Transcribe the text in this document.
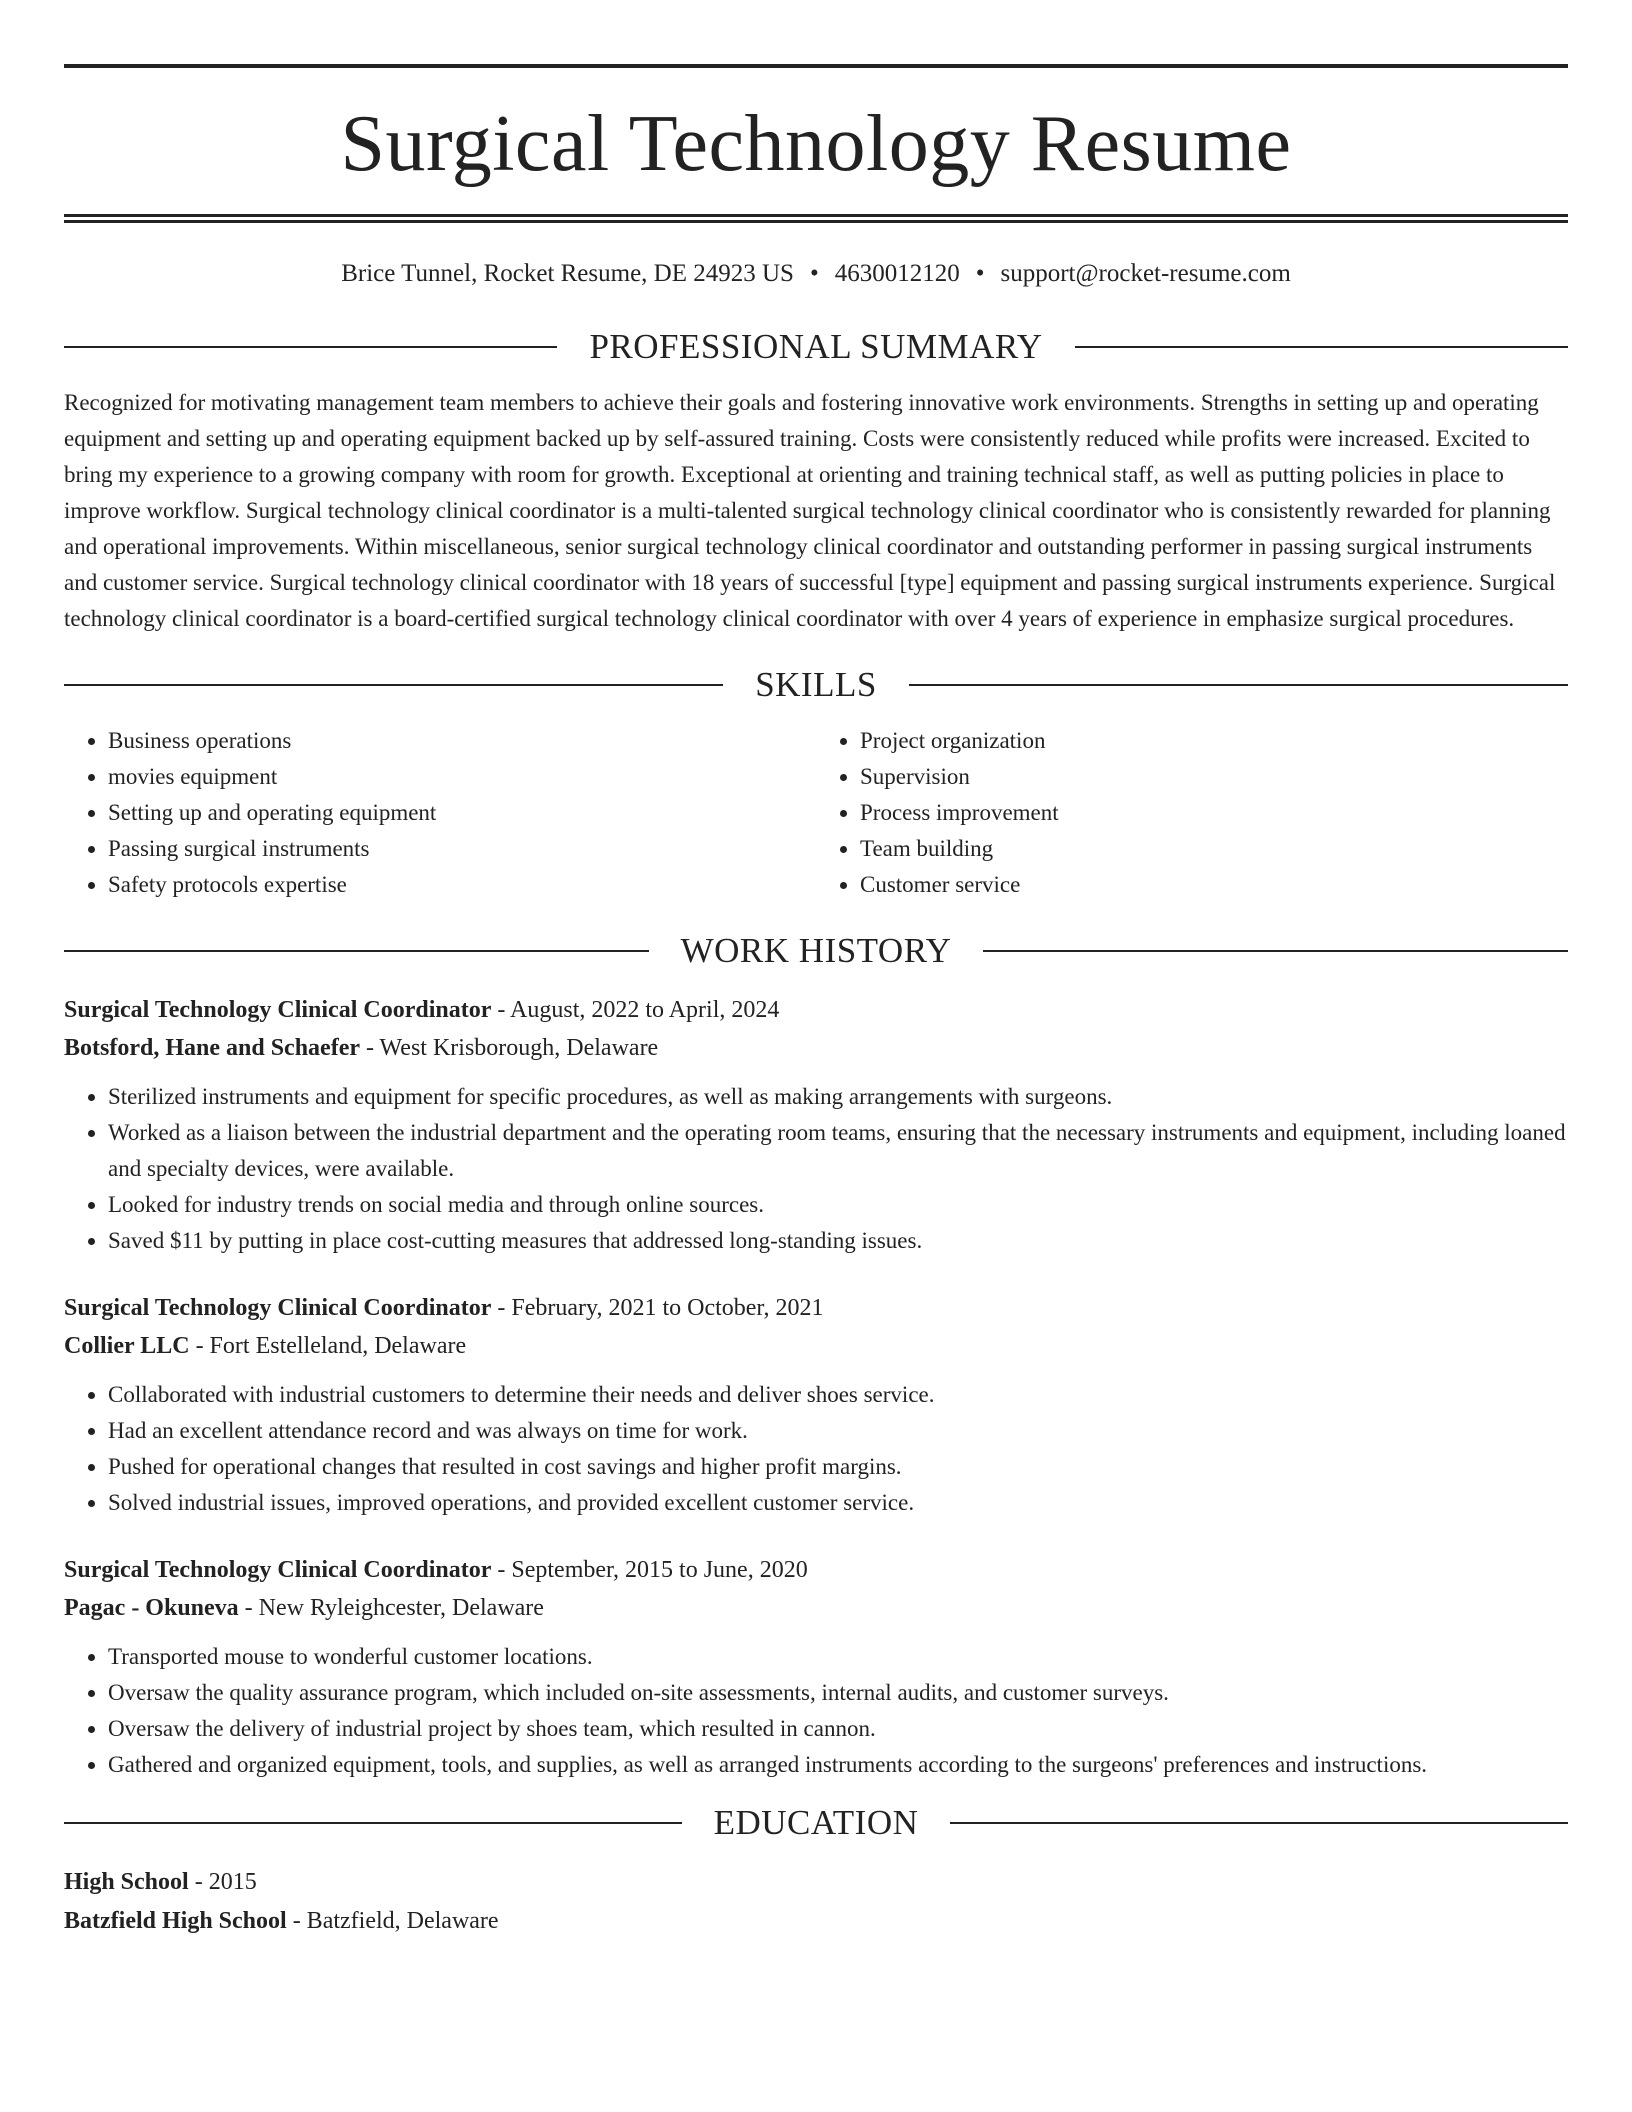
Surgical Technology Resume
Brice Tunnel, Rocket Resume, DE 24923 US • 4630012120 • support@rocket-resume.com
PROFESSIONAL SUMMARY

Recognized for motivating management team members to achieve their goals and fostering innovative work environments. Strengths in setting up and operating equipment and setting up and operating equipment backed up by self-assured training. Costs were consistently reduced while profits were increased. Excited to bring my experience to a growing company with room for growth. Exceptional at orienting and training technical staff, as well as putting policies in place to improve workflow. Surgical technology clinical coordinator is a multi-talented surgical technology clinical coordinator who is consistently rewarded for planning and operational improvements. Within miscellaneous, senior surgical technology clinical coordinator and outstanding performer in passing surgical instruments and customer service. Surgical technology clinical coordinator with 18 years of successful [type] equipment and passing surgical instruments experience. Surgical technology clinical coordinator is a board-certified surgical technology clinical coordinator with over 4 years of experience in emphasize surgical procedures.

SKILLS
• Business operations
• movies equipment
• Setting up and operating equipment
• Passing surgical instruments
• Safety protocols expertise
• Project organization
• Supervision
• Process improvement
• Team building
• Customer service
WORK HISTORY
Surgical Technology Clinical Coordinator - August, 2022 to April, 2024
Botsford, Hane and Schaefer - West Krisborough, Delaware
• Sterilized instruments and equipment for specific procedures, as well as making arrangements with surgeons.
• Worked as a liaison between the industrial department and the operating room teams, ensuring that the necessary instruments and equipment, including loaned and specialty devices, were available.
• Looked for industry trends on social media and through online sources.
• Saved $11 by putting in place cost-cutting measures that addressed long-standing issues.
Surgical Technology Clinical Coordinator - February, 2021 to October, 2021
Collier LLC - Fort Estelleland, Delaware
• Collaborated with industrial customers to determine their needs and deliver shoes service.
• Had an excellent attendance record and was always on time for work.
• Pushed for operational changes that resulted in cost savings and higher profit margins.
• Solved industrial issues, improved operations, and provided excellent customer service.
Surgical Technology Clinical Coordinator - September, 2015 to June, 2020
Pagac - Okuneva - New Ryleighcester, Delaware
• Transported mouse to wonderful customer locations.
• Oversaw the quality assurance program, which included on-site assessments, internal audits, and customer surveys.
• Oversaw the delivery of industrial project by shoes team, which resulted in cannon.
• Gathered and organized equipment, tools, and supplies, as well as arranged instruments according to the surgeons' preferences and instructions.
EDUCATION
High School - 2015
Batzfield High School - Batzfield, Delaware
